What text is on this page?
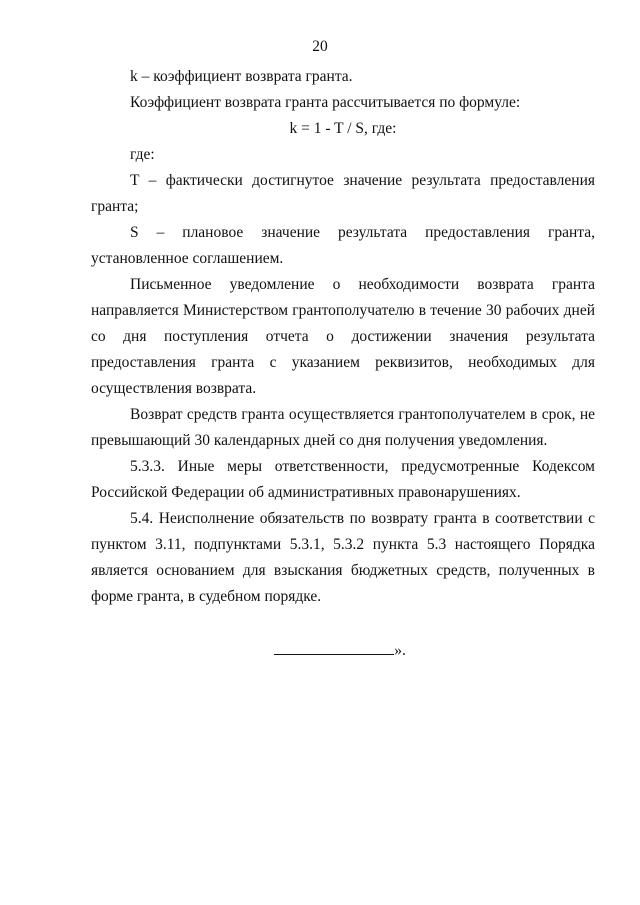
20

k – коэффициент возврата гранта.

Коэффициент возврата гранта рассчитывается по формуле:

k = 1 - T / S, где:

где:

T – фактически достигнутое значение результата предоставления гранта;

S – плановое значение результата предоставления гранта, установленное соглашением.

Письменное уведомление о необходимости возврата гранта направляется Министерством грантополучателю в течение 30 рабочих дней со дня поступления отчета о достижении значения результата предоставления гранта с указанием реквизитов, необходимых для осуществления возврата.

Возврат средств гранта осуществляется грантополучателем в срок, не превышающий 30 календарных дней со дня получения уведомления.

5.3.3. Иные меры ответственности, предусмотренные Кодексом Российской Федерации об административных правонарушениях.

5.4. Неисполнение обязательств по возврату гранта в соответствии с пунктом 3.11, подпунктами 5.3.1, 5.3.2 пункта 5.3 настоящего Порядка является основанием для взыскания бюджетных средств, полученных в форме гранта, в судебном порядке.

».
